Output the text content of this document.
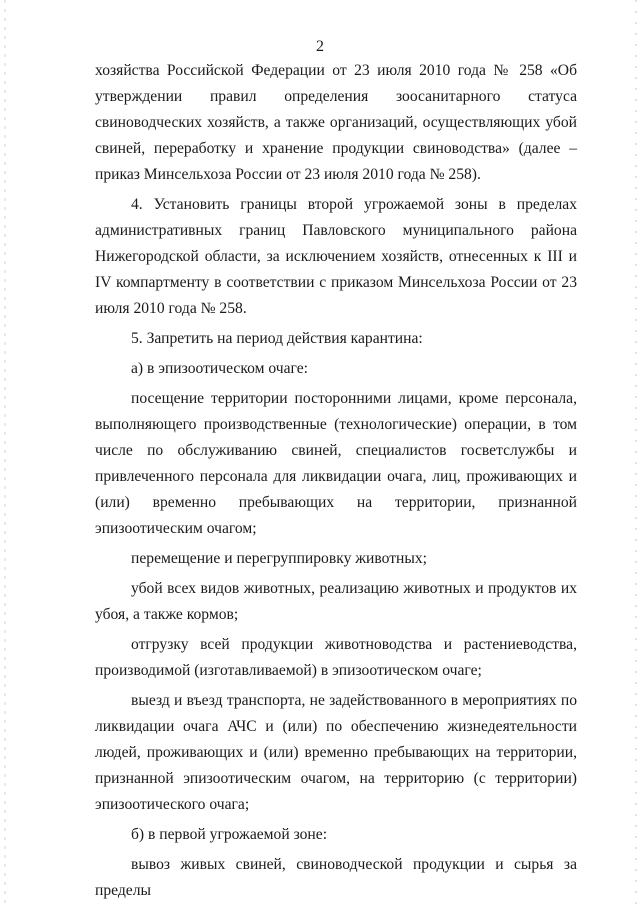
2

хозяйства Российской Федерации от 23 июля 2010 года № 258 «Об утверждении правил определения зоосанитарного статуса свиноводческих хозяйств, а также организаций, осуществляющих убой свиней, переработку и хранение продукции свиноводства» (далее – приказ Минсельхоза России от 23 июля 2010 года № 258).

4. Установить границы второй угрожаемой зоны в пределах административных границ Павловского муниципального района Нижегородской области, за исключением хозяйств, отнесенных к III и IV компартменту в соответствии с приказом Минсельхоза России от 23 июля 2010 года № 258.

5. Запретить на период действия карантина:

а) в эпизоотическом очаге:

посещение территории посторонними лицами, кроме персонала, выполняющего производственные (технологические) операции, в том числе по обслуживанию свиней, специалистов госветслужбы и привлеченного персонала для ликвидации очага, лиц, проживающих и (или) временно пребывающих на территории, признанной эпизоотическим очагом;

перемещение и перегруппировку животных;

убой всех видов животных, реализацию животных и продуктов их убоя, а также кормов;

отгрузку всей продукции животноводства и растениеводства, производимой (изготавливаемой) в эпизоотическом очаге;

выезд и въезд транспорта, не задействованного в мероприятиях по ликвидации очага АЧС и (или) по обеспечению жизнедеятельности людей, проживающих и (или) временно пребывающих на территории, признанной эпизоотическим очагом, на территорию (с территории) эпизоотического очага;

б) в первой угрожаемой зоне:

вывоз живых свиней, свиноводческой продукции и сырья за пределы
